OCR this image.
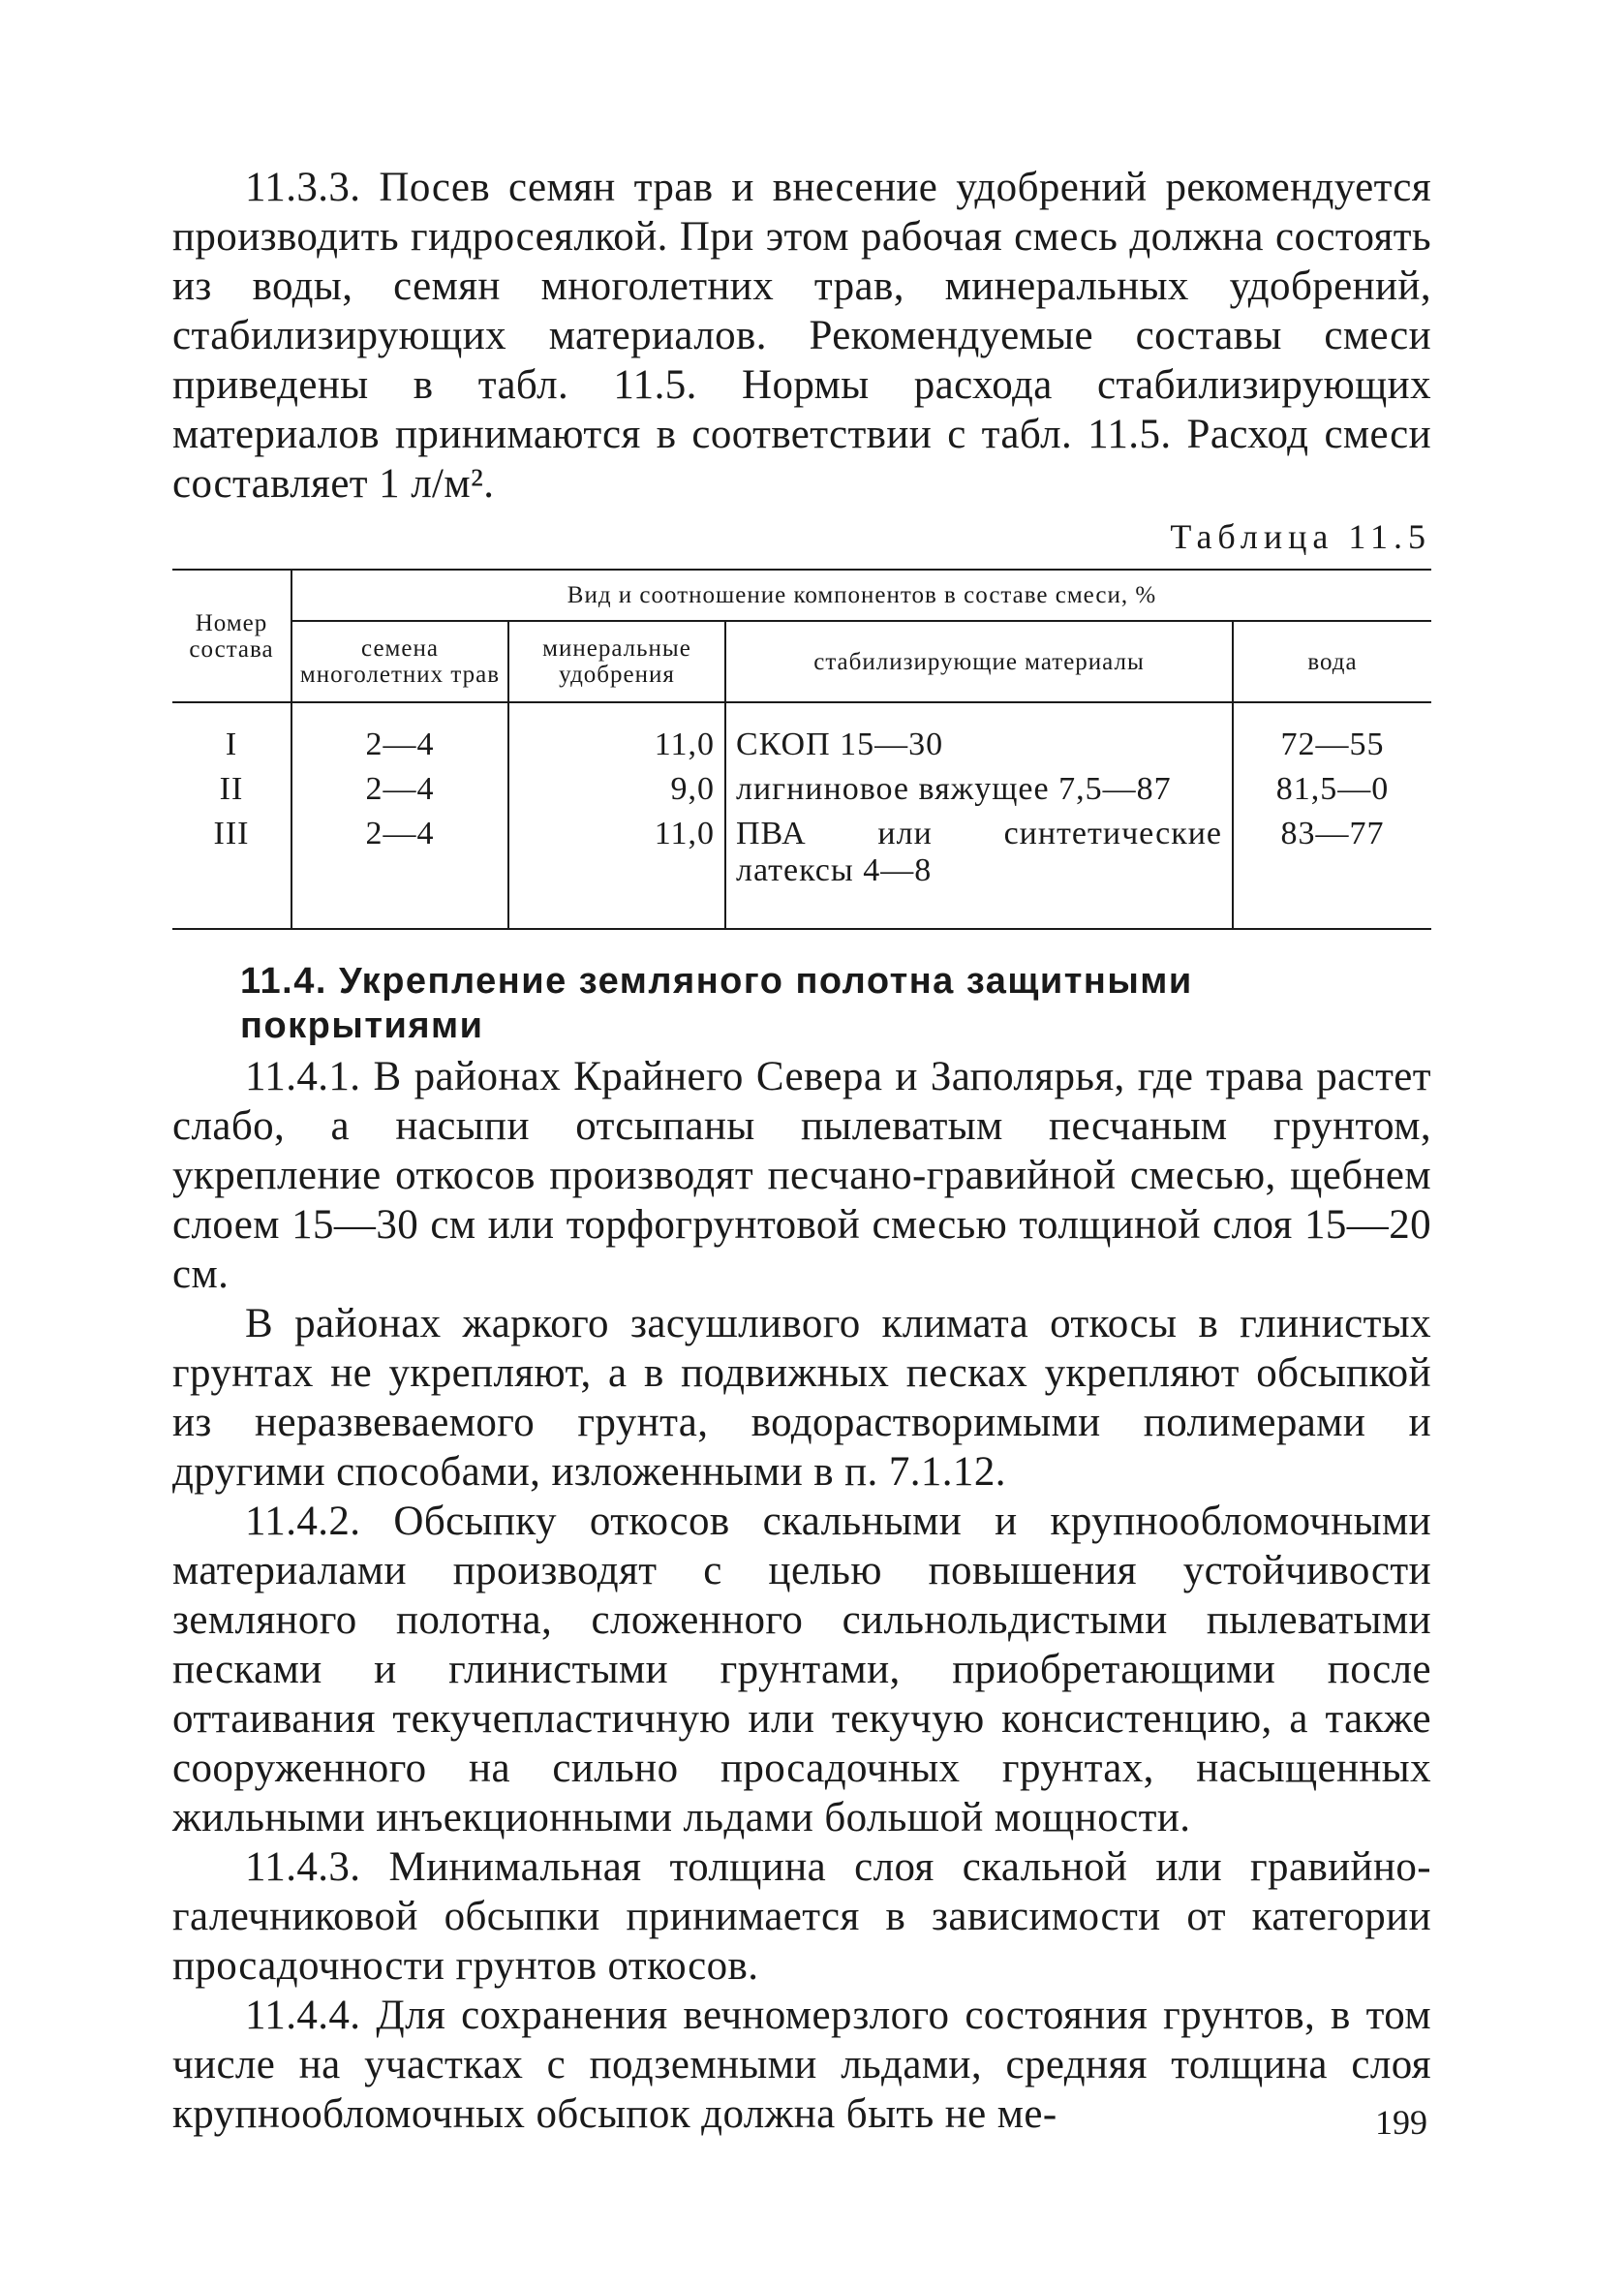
11.3.3. Посев семян трав и внесение удобрений рекомендуется производить гидросеялкой. При этом рабочая смесь должна состоять из воды, семян многолетних трав, минеральных удобрений, стабилизирующих материалов. Рекомендуемые составы смеси приведены в табл. 11.5. Нормы расхода стабилизирующих материалов принимаются в соответствии с табл. 11.5. Расход смеси составляет 1 л/м².

Таблица 11.5
Номер состава	Вид и соотношение компонентов в составе смеси, %			
	семена многолетних трав	минеральные удобрения	стабилизирующие материалы	вода
I	2—4	11,0	СКОП 15—30	72—55
II	2—4	9,0	лигниновое вяжущее 7,5—87	81,5—0
III	2—4	11,0	ПВА или синтетические латексы 4—8	83—77
11.4. Укрепление земляного полотна защитными покрытиями

11.4.1. В районах Крайнего Севера и Заполярья, где трава растет слабо, а насыпи отсыпаны пылеватым песчаным грунтом, укрепление откосов производят песчано-гравийной смесью, щебнем слоем 15—30 см или торфогрунтовой смесью толщиной слоя 15—20 см.

В районах жаркого засушливого климата откосы в глинистых грунтах не укрепляют, а в подвижных песках укрепляют обсыпкой из неразвеваемого грунта, водорастворимыми полимерами и другими способами, изложенными в п. 7.1.12.

11.4.2. Обсыпку откосов скальными и крупнообломочными материалами производят с целью повышения устойчивости земляного полотна, сложенного сильнольдистыми пылеватыми песками и глинистыми грунтами, приобретающими после оттаивания текучепластичную или текучую консистенцию, а также сооруженного на сильно просадочных грунтах, насыщенных жильными инъекционными льдами большой мощности.

11.4.3. Минимальная толщина слоя скальной или гравийно-галечниковой обсыпки принимается в зависимости от категории просадочности грунтов откосов.

11.4.4. Для сохранения вечномерзлого состояния грунтов, в том числе на участках с подземными льдами, средняя толщина слоя крупнообломочных обсыпок должна быть не ме-	199
